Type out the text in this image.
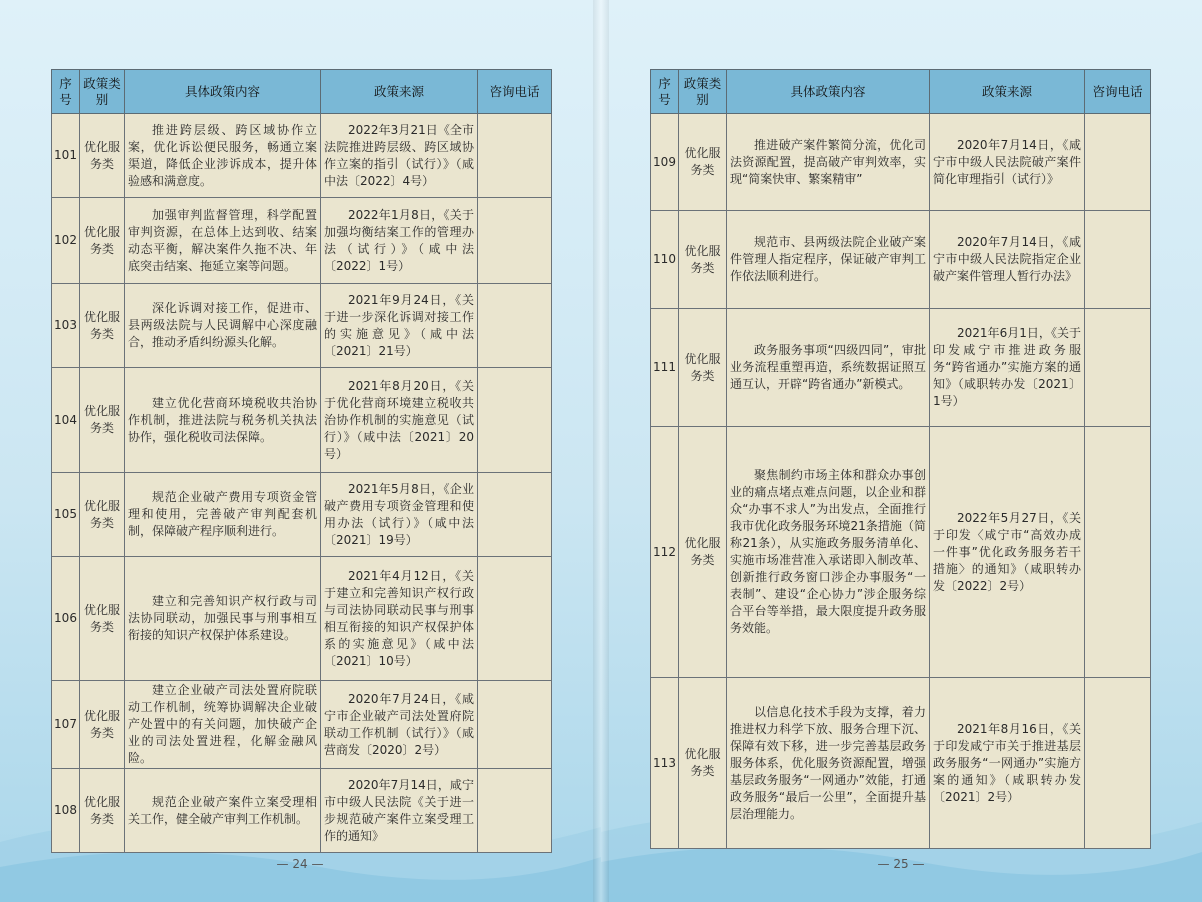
序号	政策类别	具体政策内容	政策来源	咨询电话
101	优化服务类	推进跨层级、跨区域协作立案，优化诉讼便民服务，畅通立案渠道，降低企业涉诉成本，提升体验感和满意度。	2022年3月21日《全市法院推进跨层级、跨区域协作立案的指引（试行）》（咸中法〔2022〕4号）	
102	优化服务类	加强审判监督管理，科学配置审判资源，在总体上达到收、结案动态平衡，解决案件久拖不决、年底突击结案、拖延立案等问题。	2022年1月8日，《关于加强均衡结案工作的管理办法（试行）》（咸中法〔2022〕1号）	
103	优化服务类	深化诉调对接工作，促进市、县两级法院与人民调解中心深度融合，推动矛盾纠纷源头化解。	2021年9月24日，《关于进一步深化诉调对接工作的实施意见》（咸中法〔2021〕21号）	
104	优化服务类	建立优化营商环境税收共治协作机制，推进法院与税务机关执法协作，强化税收司法保障。	2021年8月20日，《关于优化营商环境建立税收共治协作机制的实施意见（试行）》（咸中法〔2021〕20号）	
105	优化服务类	规范企业破产费用专项资金管理和使用，完善破产审判配套机制，保障破产程序顺利进行。	2021年5月8日，《企业破产费用专项资金管理和使用办法（试行）》（咸中法〔2021〕19号）	
106	优化服务类	建立和完善知识产权行政与司法协同联动，加强民事与刑事相互衔接的知识产权保护体系建设。	2021年4月12日，《关于建立和完善知识产权行政与司法协同联动民事与刑事相互衔接的知识产权保护体系的实施意见》（咸中法〔2021〕10号）	
107	优化服务类	建立企业破产司法处置府院联动工作机制，统筹协调解决企业破产处置中的有关问题，加快破产企业的司法处置进程，化解金融风险。	2020年7月24日，《咸宁市企业破产司法处置府院联动工作机制（试行）》（咸营商发〔2020〕2号）	
108	优化服务类	规范企业破产案件立案受理相关工作，健全破产审判工作机制。	2020年7月14日，咸宁市中级人民法院《关于进一步规范破产案件立案受理工作的通知》	
— 24 —
序号	政策类别	具体政策内容	政策来源	咨询电话
109	优化服务类	推进破产案件繁简分流，优化司法资源配置，提高破产审判效率，实现“简案快审、繁案精审”	2020年7月14日，《咸宁市中级人民法院破产案件简化审理指引（试行）》	
110	优化服务类	规范市、县两级法院企业破产案件管理人指定程序，保证破产审判工作依法顺利进行。	2020年7月14日，《咸宁市中级人民法院指定企业破产案件管理人暂行办法》	
111	优化服务类	政务服务事项“四级四同”，审批业务流程重塑再造，系统数据证照互通互认，开辟“跨省通办”新模式。	2021年6月1日，《关于印发咸宁市推进政务服务“跨省通办”实施方案的通知》（咸职转办发〔2021〕1号）	
112	优化服务类	聚焦制约市场主体和群众办事创业的痛点堵点难点问题，以企业和群众“办事不求人”为出发点，全面推行我市优化政务服务环境21条措施（简称21条），从实施政务服务清单化、实施市场准营准入承诺即入制改革、创新推行政务窗口涉企办事服务“一表制”、建设“企心协力”涉企服务综合平台等举措，最大限度提升政务服务效能。	2022年5月27日，《关于印发〈咸宁市“高效办成一件事”优化政务服务若干措施〉的通知》（咸职转办发〔2022〕2号）	
113	优化服务类	以信息化技术手段为支撑，着力推进权力科学下放、服务合理下沉、保障有效下移，进一步完善基层政务服务体系，优化服务资源配置，增强基层政务服务“一网通办”效能，打通政务服务“最后一公里”，全面提升基层治理能力。	2021年8月16日，《关于印发咸宁市关于推进基层政务服务“一网通办”实施方案的通知》（咸职转办发〔2021〕2号）	
— 25 —
